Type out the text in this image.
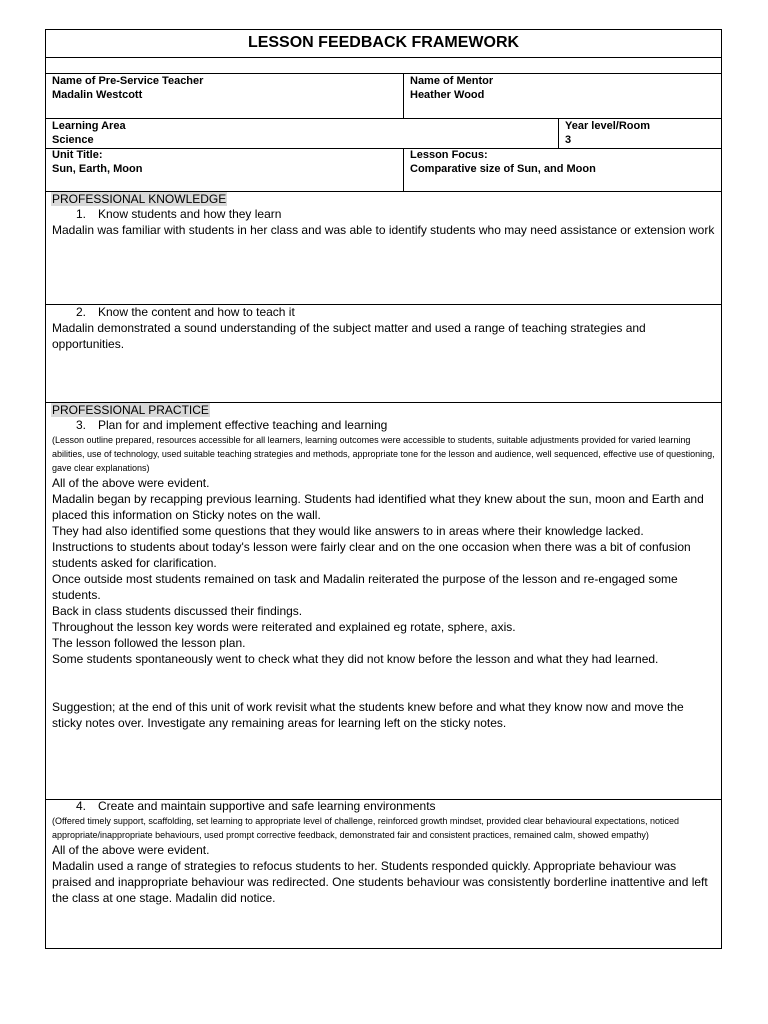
LESSON FEEDBACK FRAMEWORK
Name of Pre-Service Teacher
Madalin Westcott
Name of Mentor
Heather Wood
Learning Area
Science
Year level/Room
3
Unit Title:
Sun, Earth, Moon
Lesson Focus:
Comparative size of Sun, and Moon
PROFESSIONAL KNOWLEDGE
1. Know students and how they learn

Madalin was familiar with students in her class and was able to identify students who may need assistance or extension work

2. Know the content and how to teach it

Madalin demonstrated a sound understanding of the subject matter and used a range of teaching strategies and opportunities.

PROFESSIONAL PRACTICE
3. Plan for and implement effective teaching and learning

(Lesson outline prepared, resources accessible for all learners, learning outcomes were accessible to students, suitable adjustments provided for varied learning abilities, use of technology, used suitable teaching strategies and methods, appropriate tone for the lesson and audience, well sequenced, effective use of questioning, gave clear explanations)

All of the above were evident.

Madalin began by recapping previous learning. Students had identified what they knew about the sun, moon and Earth and placed this information on Sticky notes on the wall.

They had also identified some questions that they would like answers to in areas where their knowledge lacked.

Instructions to students about today's lesson were fairly clear and on the one occasion when there was a bit of confusion students asked for clarification.

Once outside most students remained on task and Madalin reiterated the purpose of the lesson and re-engaged some students.

Back in class students discussed their findings.

Throughout the lesson key words were reiterated and explained eg rotate, sphere, axis.

The lesson followed the lesson plan.

Some students spontaneously went to check what they did not know before the lesson and what they had learned.

Suggestion; at the end of this unit of work revisit what the students knew before and what they know now and move the sticky notes over. Investigate any remaining areas for learning left on the sticky notes.

4. Create and maintain supportive and safe learning environments

(Offered timely support, scaffolding, set learning to appropriate level of challenge, reinforced growth mindset, provided clear behavioural expectations, noticed appropriate/inappropriate behaviours, used prompt corrective feedback, demonstrated fair and consistent practices, remained calm, showed empathy)

All of the above were evident.

Madalin used a range of strategies to refocus students to her. Students responded quickly. Appropriate behaviour was praised and inappropriate behaviour was redirected. One students behaviour was consistently borderline inattentive and left the class at one stage. Madalin did notice.
